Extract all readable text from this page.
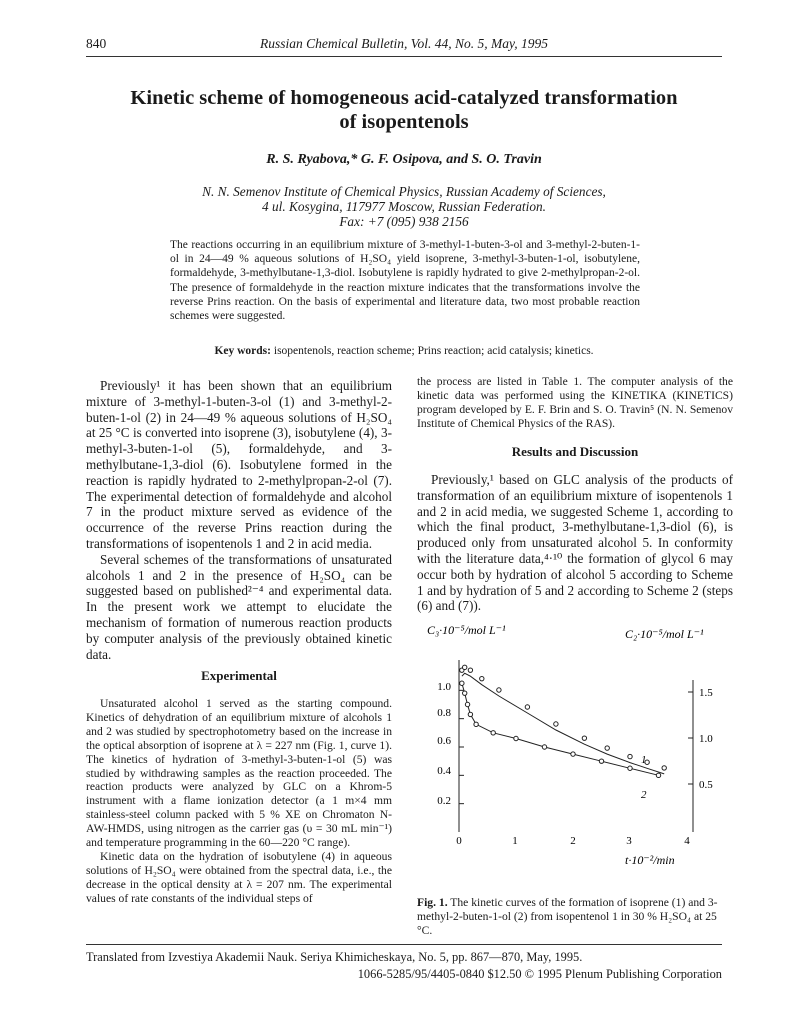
840	Russian Chemical Bulletin, Vol. 44, No. 5, May, 1995
Kinetic scheme of homogeneous acid-catalyzed transformation
of isopentenols
R. S. Ryabova,* G. F. Osipova, and S. O. Travin
N. N. Semenov Institute of Chemical Physics, Russian Academy of Sciences,
4 ul. Kosygina, 117977 Moscow, Russian Federation.
Fax: +7 (095) 938 2156
The reactions occurring in an equilibrium mixture of 3-methyl-1-buten-3-ol and 3-methyl-2-buten-1-ol in 24—49 % aqueous solutions of H₂SO₄ yield isoprene, 3-methyl-3-buten-1-ol, isobutylene, formaldehyde, 3-methylbutane-1,3-diol. Isobutylene is rapidly hydrated to give 2-methylpropan-2-ol. The presence of formaldehyde in the reaction mixture indicates that the transformations involve the reverse Prins reaction. On the basis of experimental and literature data, two most probable reaction schemes were suggested.
Key words: isopentenols, reaction scheme; Prins reaction; acid catalysis; kinetics.

Previously¹ it has been shown that an equilibrium mixture of 3-methyl-1-buten-3-ol (1) and 3-methyl-2-buten-1-ol (2) in 24—49 % aqueous solutions of H₂SO₄ at 25 °C is converted into isoprene (3), isobutylene (4), 3-methyl-3-buten-1-ol (5), formaldehyde, and 3-methylbutane-1,3-diol (6). Isobutylene formed in the reaction is rapidly hydrated to 2-methylpropan-2-ol (7). The experimental detection of formaldehyde and alcohol 7 in the product mixture served as evidence of the occurrence of the reverse Prins reaction during the transformations of isopentenols 1 and 2 in acid media.

Several schemes of the transformations of unsaturated alcohols 1 and 2 in the presence of H₂SO₄ can be suggested based on published²⁻⁴ and experimental data. In the present work we attempt to elucidate the mechanism of formation of numerous reaction products by computer analysis of the previously obtained kinetic data.

Experimental

Unsaturated alcohol 1 served as the starting compound. Kinetics of dehydration of an equilibrium mixture of alcohols 1 and 2 was studied by spectrophotometry based on the increase in the optical absorption of isoprene at λ = 227 nm (Fig. 1, curve 1). The kinetics of hydration of 3-methyl-3-buten-1-ol (5) was studied by withdrawing samples as the reaction proceeded. The reaction products were analyzed by GLC on a Khrom-5 instrument with a flame ionization detector (a 1 m×4 mm stainless-steel column packed with 5 % XE on Chromaton N-AW-HMDS, using nitrogen as the carrier gas (υ = 30 mL min⁻¹) and temperature programming in the 60—220 °C range).

Kinetic data on the hydration of isobutylene (4) in aqueous solutions of H₂SO₄ were obtained from the spectral data, i.e., the decrease in the optical density at λ = 207 nm. The experimental values of rate constants of the individual steps of

the process are listed in Table 1. The computer analysis of the kinetic data was performed using the KINETIKA (KINETICS) program developed by E. F. Brin and S. O. Travin⁵ (N. N. Semenov Institute of Chemical Physics of the RAS).

Results and Discussion

Previously,¹ based on GLC analysis of the products of transformation of an equilibrium mixture of isopentenols 1 and 2 in acid media, we suggested Scheme 1, according to which the final product, 3-methylbutane-1,3-diol (6), is produced only from unsaturated alcohol 5. In conformity with the literature data,⁴·¹⁰ the formation of glycol 6 may occur both by hydration of alcohol 5 according to Scheme 1 and by hydration of 5 and 2 according to Scheme 2 (steps (6) and (7)).

C₃·10⁻⁵/mol L⁻¹	C₂·10⁻⁵/mol L⁻¹
1.0
0.8
0.6
0.4
0.2
1.5
1.0
0.5
1
2
0	1	2	3	4
t·10⁻²/min
Fig. 1. The kinetic curves of the formation of isoprene (1) and 3-methyl-2-buten-1-ol (2) from isopentenol 1 in 30 % H₂SO₄ at 25 °C.
Translated from Izvestiya Akademii Nauk. Seriya Khimicheskaya, No. 5, pp. 867—870, May, 1995.
1066-5285/95/4405-0840 $12.50 © 1995 Plenum Publishing Corporation
